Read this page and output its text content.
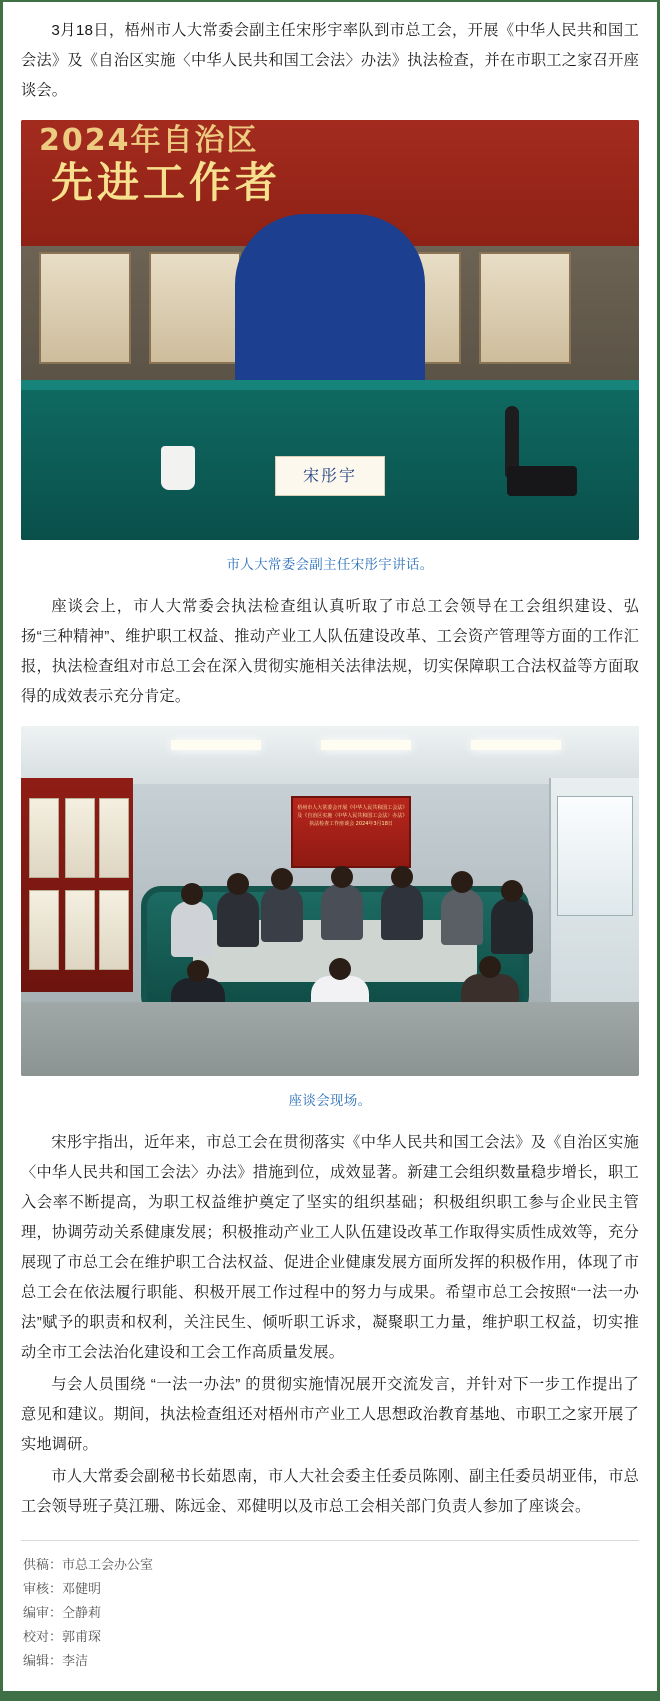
3月18日，梧州市人大常委会副主任宋彤宇率队到市总工会，开展《中华人民共和国工会法》及《自治区实施〈中华人民共和国工会法〉办法》执法检查，并在市职工之家召开座谈会。

2024年自治区
先进工作者
宋彤宇
市人大常委会副主任宋彤宇讲话。

座谈会上，市人大常委会执法检查组认真听取了市总工会领导在工会组织建设、弘扬“三种精神”、维护职工权益、推动产业工人队伍建设改革、工会资产管理等方面的工作汇报，执法检查组对市总工会在深入贯彻实施相关法律法规，切实保障职工合法权益等方面取得的成效表示充分肯定。

梧州市人大常委会开展《中华人民共和国工会法》及《自治区实施〈中华人民共和国工会法〉办法》执法检查工作座谈会 2024年3月18日
座谈会现场。

宋彤宇指出，近年来，市总工会在贯彻落实《中华人民共和国工会法》及《自治区实施〈中华人民共和国工会法〉办法》措施到位，成效显著。新建工会组织数量稳步增长，职工入会率不断提高，为职工权益维护奠定了坚实的组织基础；积极组织职工参与企业民主管理，协调劳动关系健康发展；积极推动产业工人队伍建设改革工作取得实质性成效等，充分展现了市总工会在维护职工合法权益、促进企业健康发展方面所发挥的积极作用，体现了市总工会在依法履行职能、积极开展工作过程中的努力与成果。希望市总工会按照“一法一办法”赋予的职责和权利，关注民生、倾听职工诉求，凝聚职工力量，维护职工权益，切实推动全市工会法治化建设和工会工作高质量发展。

与会人员围绕 “一法一办法” 的贯彻实施情况展开交流发言，并针对下一步工作提出了意见和建议。期间，执法检查组还对梧州市产业工人思想政治教育基地、市职工之家开展了实地调研。

市人大常委会副秘书长茹恩南，市人大社会委主任委员陈刚、副主任委员胡亚伟，市总工会领导班子莫江珊、陈远金、邓健明以及市总工会相关部门负责人参加了座谈会。

供稿：市总工会办公室
审核：邓健明
编审：仝静莉
校对：郭甫琛
编辑：李洁
